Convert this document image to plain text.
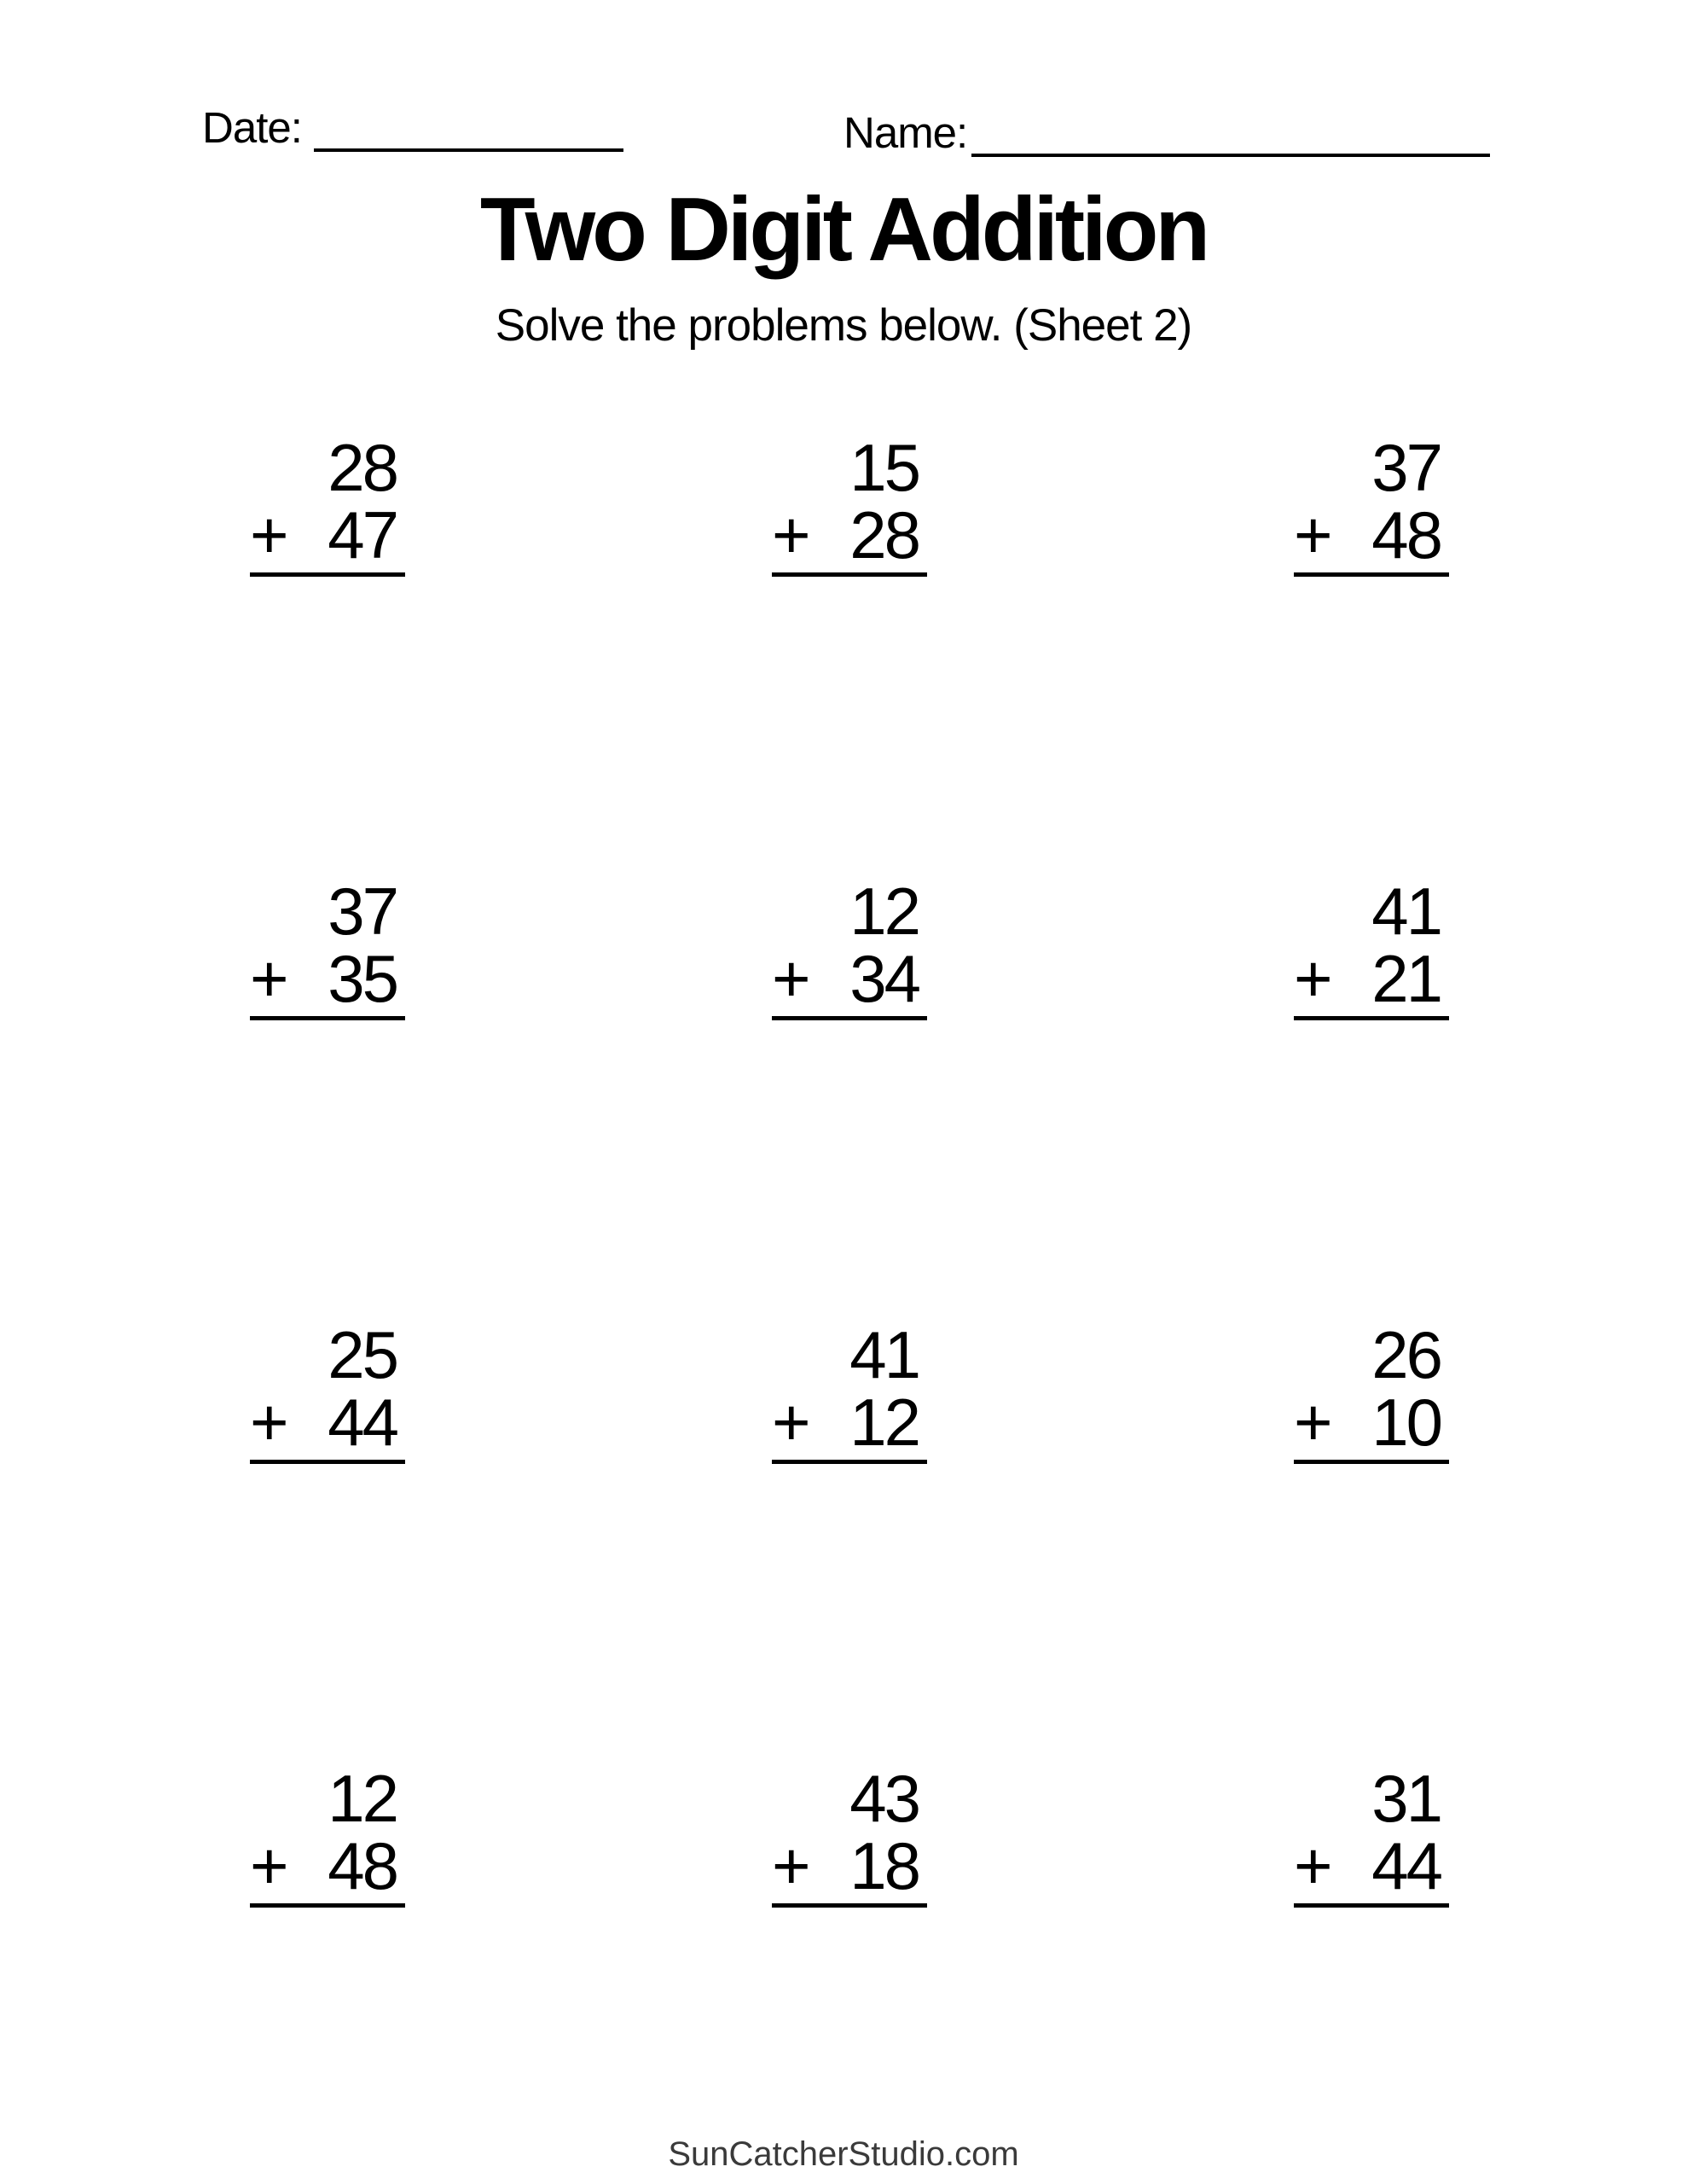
Date:	Name:
Two Digit Addition

Solve the problems below. (Sheet 2)

28
+ 47
15
+ 28
37
+ 48
37
+ 35
12
+ 34
41
+ 21
25
+ 44
41
+ 12
26
+ 10
12
+ 48
43
+ 18
31
+ 44
SunCatcherStudio.com
